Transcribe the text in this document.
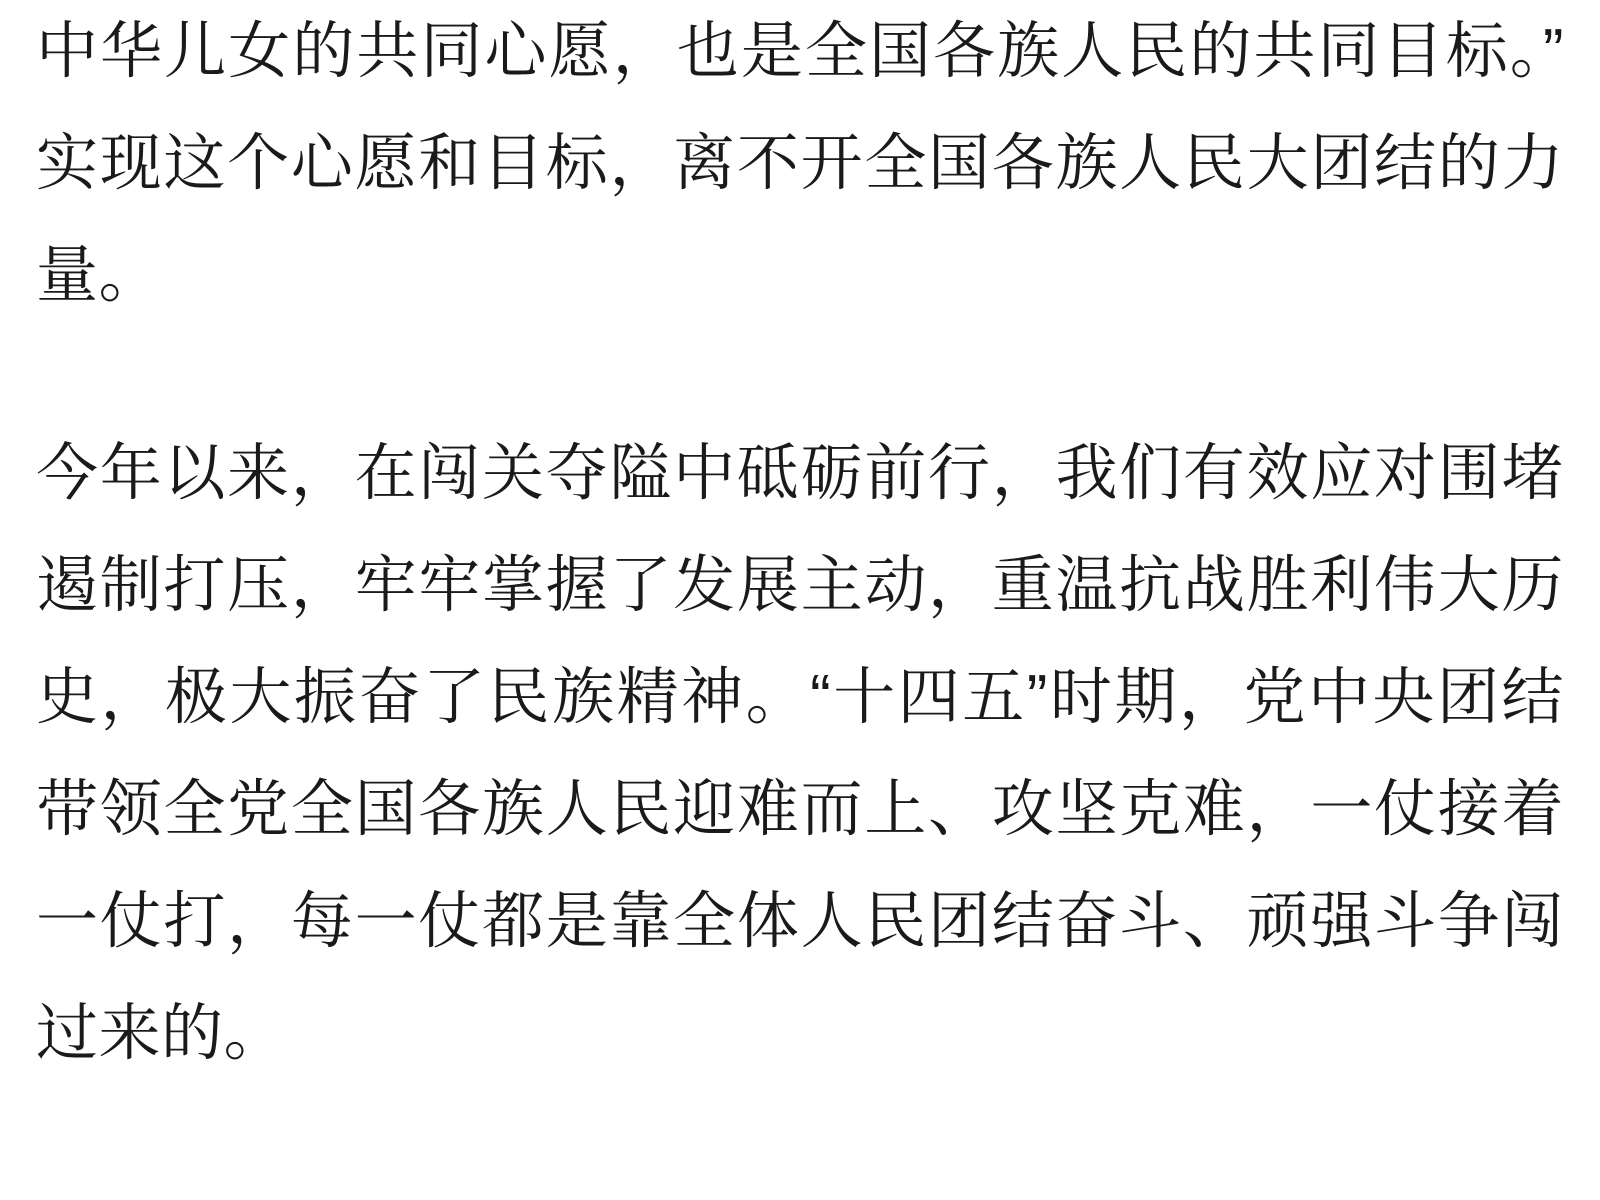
中华儿女的共同心愿，也是全国各族人民的共同目标。”实现这个心愿和目标，离不开全国各族人民大团结的力量。

今年以来，在闯关夺隘中砥砺前行，我们有效应对围堵遏制打压，牢牢掌握了发展主动，重温抗战胜利伟大历史，极大振奋了民族精神。“十四五”时期，党中央团结带领全党全国各族人民迎难而上、攻坚克难，一仗接着一仗打，每一仗都是靠全体人民团结奋斗、顽强斗争闯过来的。
